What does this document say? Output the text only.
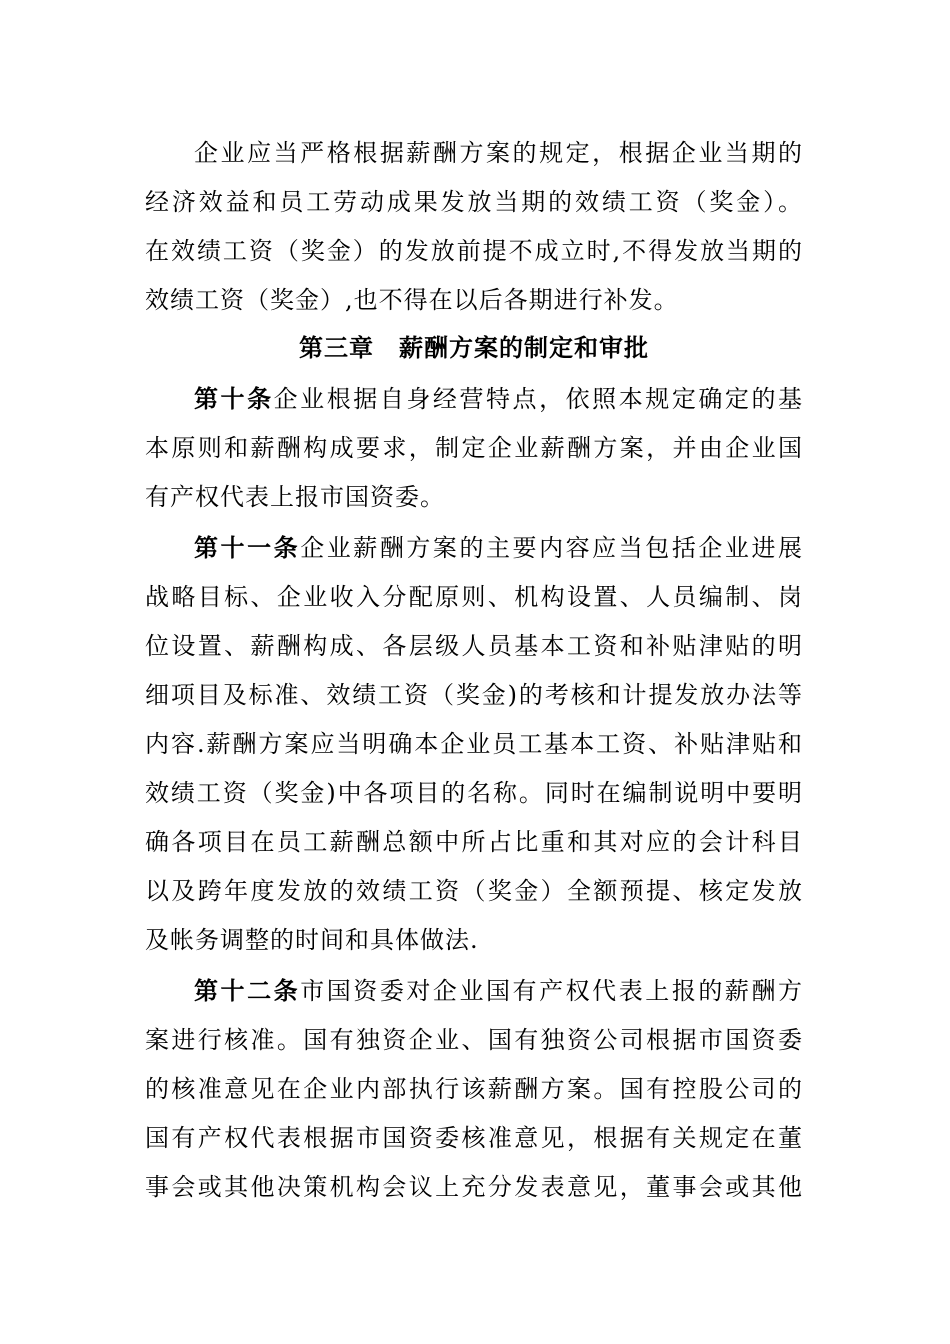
企业应当严格根据薪酬方案的规定，根据企业当期的
经济效益和员工劳动成果发放当期的效绩工资（奖金）。
在效绩工资（奖金）的发放前提不成立时,不得发放当期的
效绩工资（奖金）,也不得在以后各期进行补发。
第三章　薪酬方案的制定和审批
第十条企业根据自身经营特点，依照本规定确定的基
本原则和薪酬构成要求，制定企业薪酬方案，并由企业国
有产权代表上报市国资委。
第十一条企业薪酬方案的主要内容应当包括企业进展
战略目标、企业收入分配原则、机构设置、人员编制、岗
位设置、薪酬构成、各层级人员基本工资和补贴津贴的明
细项目及标准、效绩工资（奖金)的考核和计提发放办法等
内容.薪酬方案应当明确本企业员工基本工资、补贴津贴和
效绩工资（奖金)中各项目的名称。同时在编制说明中要明
确各项目在员工薪酬总额中所占比重和其对应的会计科目
以及跨年度发放的效绩工资（奖金）全额预提、核定发放
及帐务调整的时间和具体做法.
第十二条市国资委对企业国有产权代表上报的薪酬方
案进行核准。国有独资企业、国有独资公司根据市国资委
的核准意见在企业内部执行该薪酬方案。国有控股公司的
国有产权代表根据市国资委核准意见，根据有关规定在董
事会或其他决策机构会议上充分发表意见，董事会或其他
